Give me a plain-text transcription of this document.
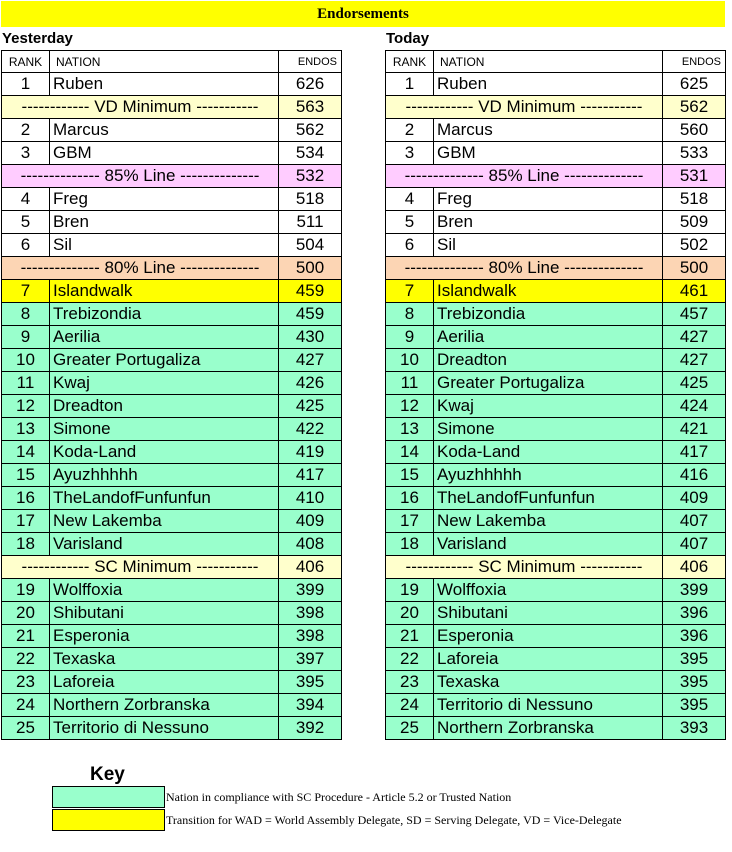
Endorsements
Yesterday	Today
RANK	NATION	ENDOS
1	Ruben	626
------------ VD Minimum -----------		563
2	Marcus	562
3	GBM	534
-------------- 85% Line --------------		532
4	Freg	518
5	Bren	511
6	Sil	504
-------------- 80% Line --------------		500
7	Islandwalk	459
8	Trebizondia	459
9	Aerilia	430
10	Greater Portugaliza	427
11	Kwaj	426
12	Dreadton	425
13	Simone	422
14	Koda-Land	419
15	Ayuzhhhhh	417
16	TheLandofFunfunfun	410
17	New Lakemba	409
18	Varisland	408
------------ SC Minimum -----------		406
19	Wolffoxia	399
20	Shibutani	398
21	Esperonia	398
22	Texaska	397
23	Laforeia	395
24	Northern Zorbranska	394
25	Territorio di Nessuno	392
RANK	NATION	ENDOS
1	Ruben	625
------------ VD Minimum -----------		562
2	Marcus	560
3	GBM	533
-------------- 85% Line --------------		531
4	Freg	518
5	Bren	509
6	Sil	502
-------------- 80% Line --------------		500
7	Islandwalk	461
8	Trebizondia	457
9	Aerilia	427
10	Dreadton	427
11	Greater Portugaliza	425
12	Kwaj	424
13	Simone	421
14	Koda-Land	417
15	Ayuzhhhhh	416
16	TheLandofFunfunfun	409
17	New Lakemba	407
18	Varisland	407
------------ SC Minimum -----------		406
19	Wolffoxia	399
20	Shibutani	396
21	Esperonia	396
22	Laforeia	395
23	Texaska	395
24	Territorio di Nessuno	395
25	Northern Zorbranska	393
Key
Nation in compliance with SC Procedure - Article 5.2 or Trusted Nation
Transition for WAD = World Assembly Delegate, SD = Serving Delegate, VD = Vice-Delegate
